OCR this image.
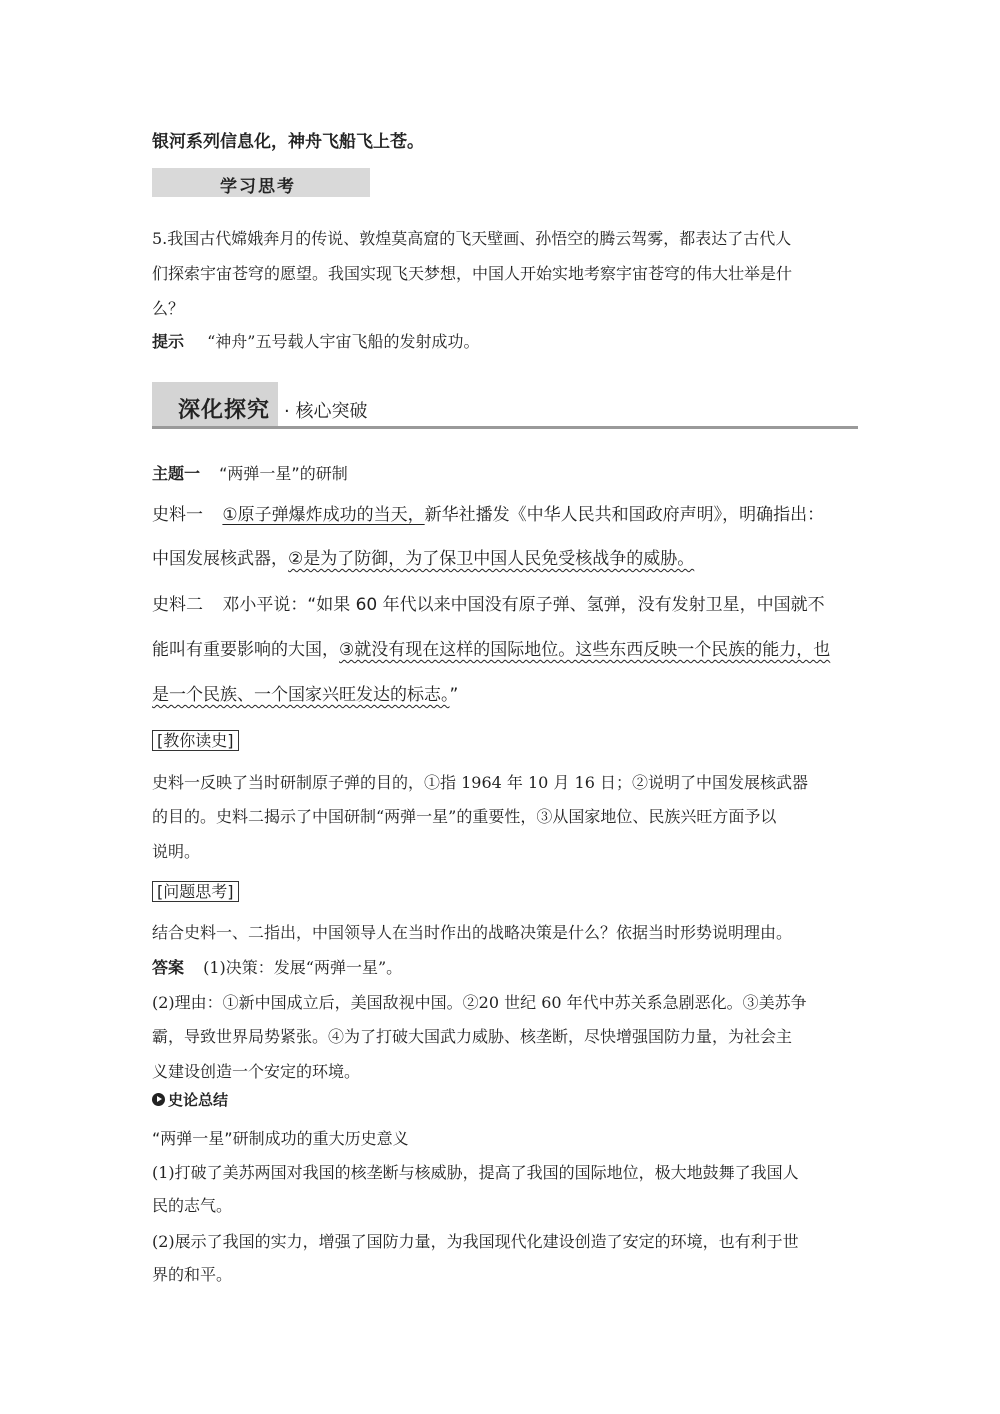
银河系列信息化，神舟飞船飞上苍。
学习思考
5.我国古代嫦娥奔月的传说、敦煌莫高窟的飞天壁画、孙悟空的腾云驾雾，都表达了古代人
们探索宇宙苍穹的愿望。我国实现飞天梦想，中国人开始实地考察宇宙苍穹的伟大壮举是什
么？
提示 “神舟”五号载人宇宙飞船的发射成功。
深化探究 · 核心突破
主题一 “两弹一星”的研制
史料一 ①原子弹爆炸成功的当天，新华社播发《中华人民共和国政府声明》，明确指出：
中国发展核武器，②是为了防御，为了保卫中国人民免受核战争的威胁。
史料二 邓小平说：“如果 60 年代以来中国没有原子弹、氢弹，没有发射卫星，中国就不
能叫有重要影响的大国，③就没有现在这样的国际地位。这些东西反映一个民族的能力，也
是一个民族、一个国家兴旺发达的标志。”
[教你读史]
史料一反映了当时研制原子弹的目的，①指 1964 年 10 月 16 日；②说明了中国发展核武器
的目的。史料二揭示了中国研制“两弹一星”的重要性，③从国家地位、民族兴旺方面予以
说明。
[问题思考]
结合史料一、二指出，中国领导人在当时作出的战略决策是什么？依据当时形势说明理由。
答案 (1)决策：发展“两弹一星”。
(2)理由：①新中国成立后，美国敌视中国。②20 世纪 60 年代中苏关系急剧恶化。③美苏争
霸，导致世界局势紧张。④为了打破大国武力威胁、核垄断，尽快增强国防力量，为社会主
义建设创造一个安定的环境。
史论总结
“两弹一星”研制成功的重大历史意义
(1)打破了美苏两国对我国的核垄断与核威胁，提高了我国的国际地位，极大地鼓舞了我国人
民的志气。
(2)展示了我国的实力，增强了国防力量，为我国现代化建设创造了安定的环境，也有利于世
界的和平。
